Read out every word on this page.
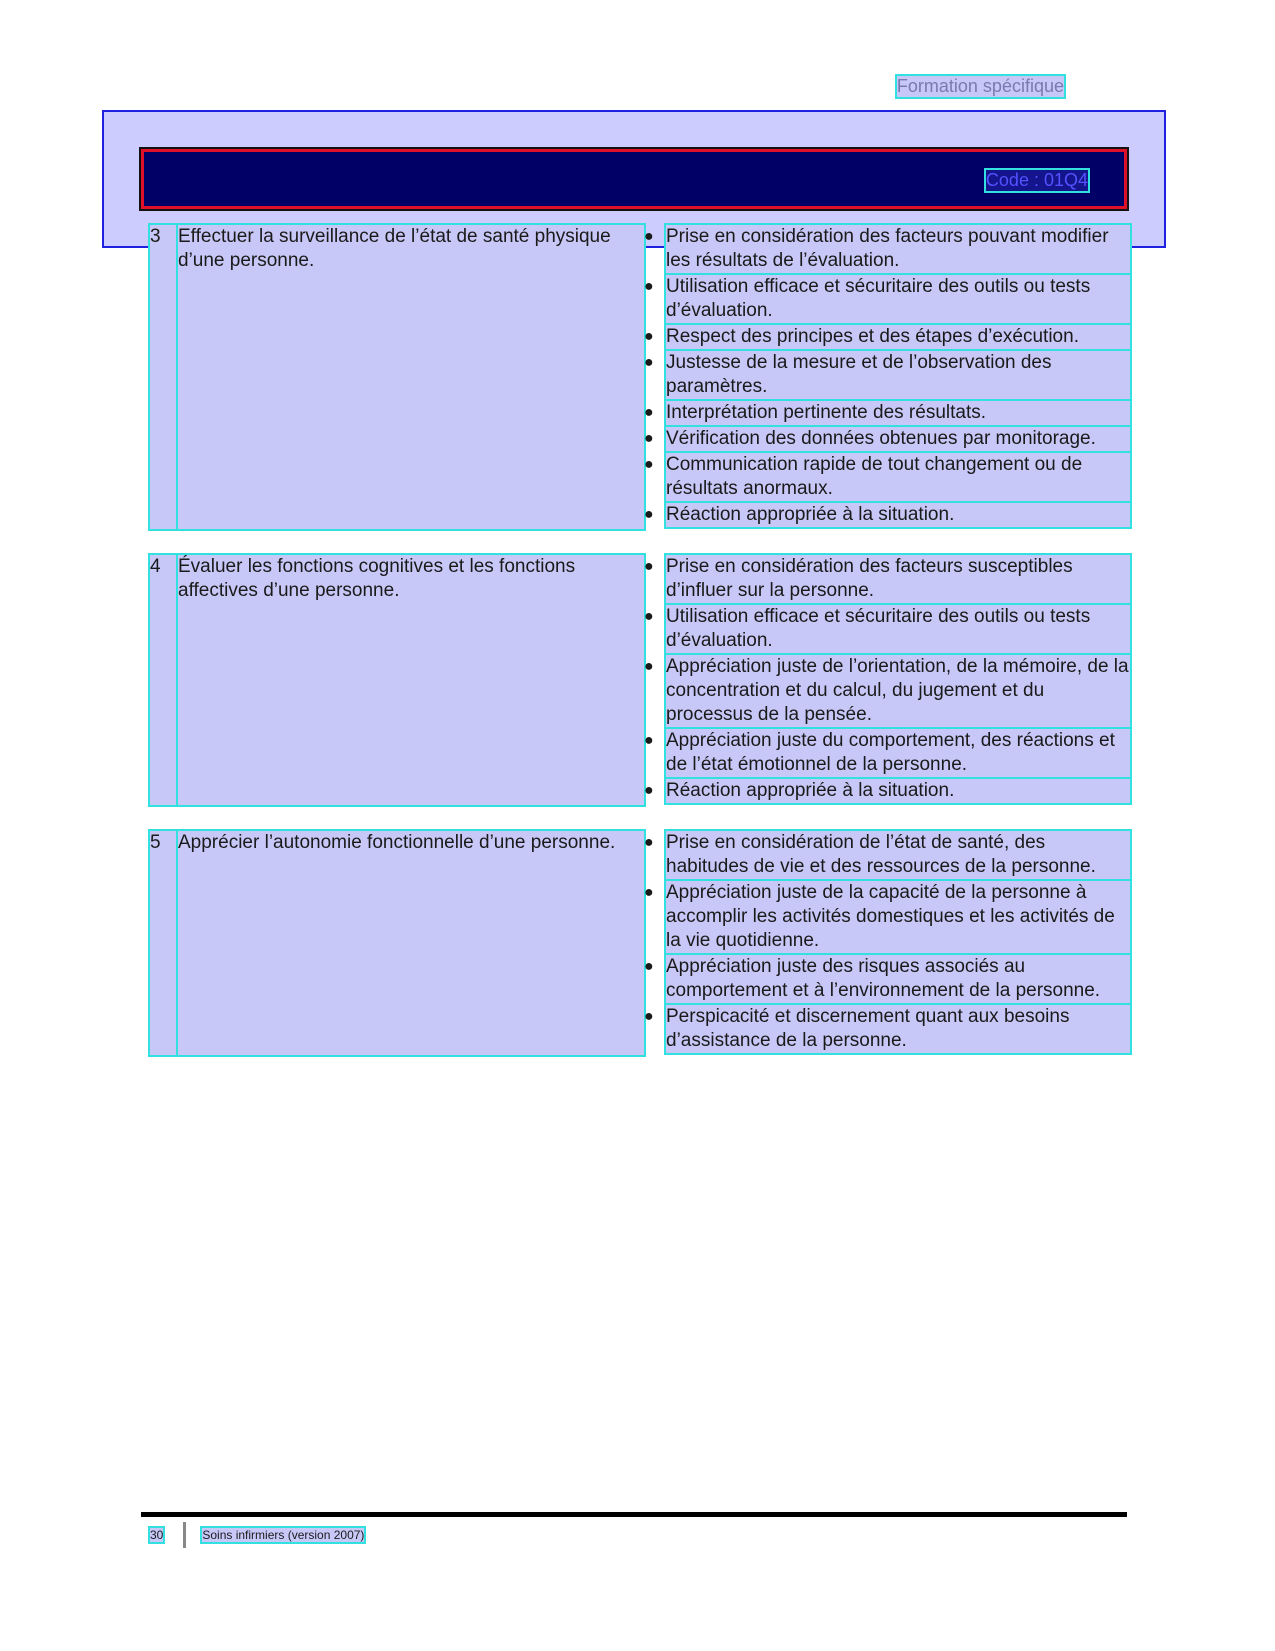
Formation spécifique
Code : 01Q4
3 Effectuer la surveillance de l’état de santé physique d’une personne.
● Prise en considération des facteurs pouvant modifier les résultats de l’évaluation.
● Utilisation efficace et sécuritaire des outils ou tests d’évaluation.
● Respect des principes et des étapes d’exécution.
● Justesse de la mesure et de l’observation des paramètres.
● Interprétation pertinente des résultats.
● Vérification des données obtenues par monitorage.
● Communication rapide de tout changement ou de résultats anormaux.
● Réaction appropriée à la situation.
4 Évaluer les fonctions cognitives et les fonctions affectives d’une personne.
● Prise en considération des facteurs susceptibles d’influer sur la personne.
● Utilisation efficace et sécuritaire des outils ou tests d’évaluation.
● Appréciation juste de l’orientation, de la mémoire, de la concentration et du calcul, du jugement et du processus de la pensée.
● Appréciation juste du comportement, des réactions et de l’état émotionnel de la personne.
● Réaction appropriée à la situation.
5 Apprécier l’autonomie fonctionnelle d’une personne.	● Prise en considération de l’état de santé, des habitudes de vie et des ressources de la personne.
● Appréciation juste de la capacité de la personne à accomplir les activités domestiques et les activités de la vie quotidienne.
● Appréciation juste des risques associés au comportement et à l’environnement de la personne.
● Perspicacité et discernement quant aux besoins d’assistance de la personne.
30	Soins infirmiers (version 2007)
